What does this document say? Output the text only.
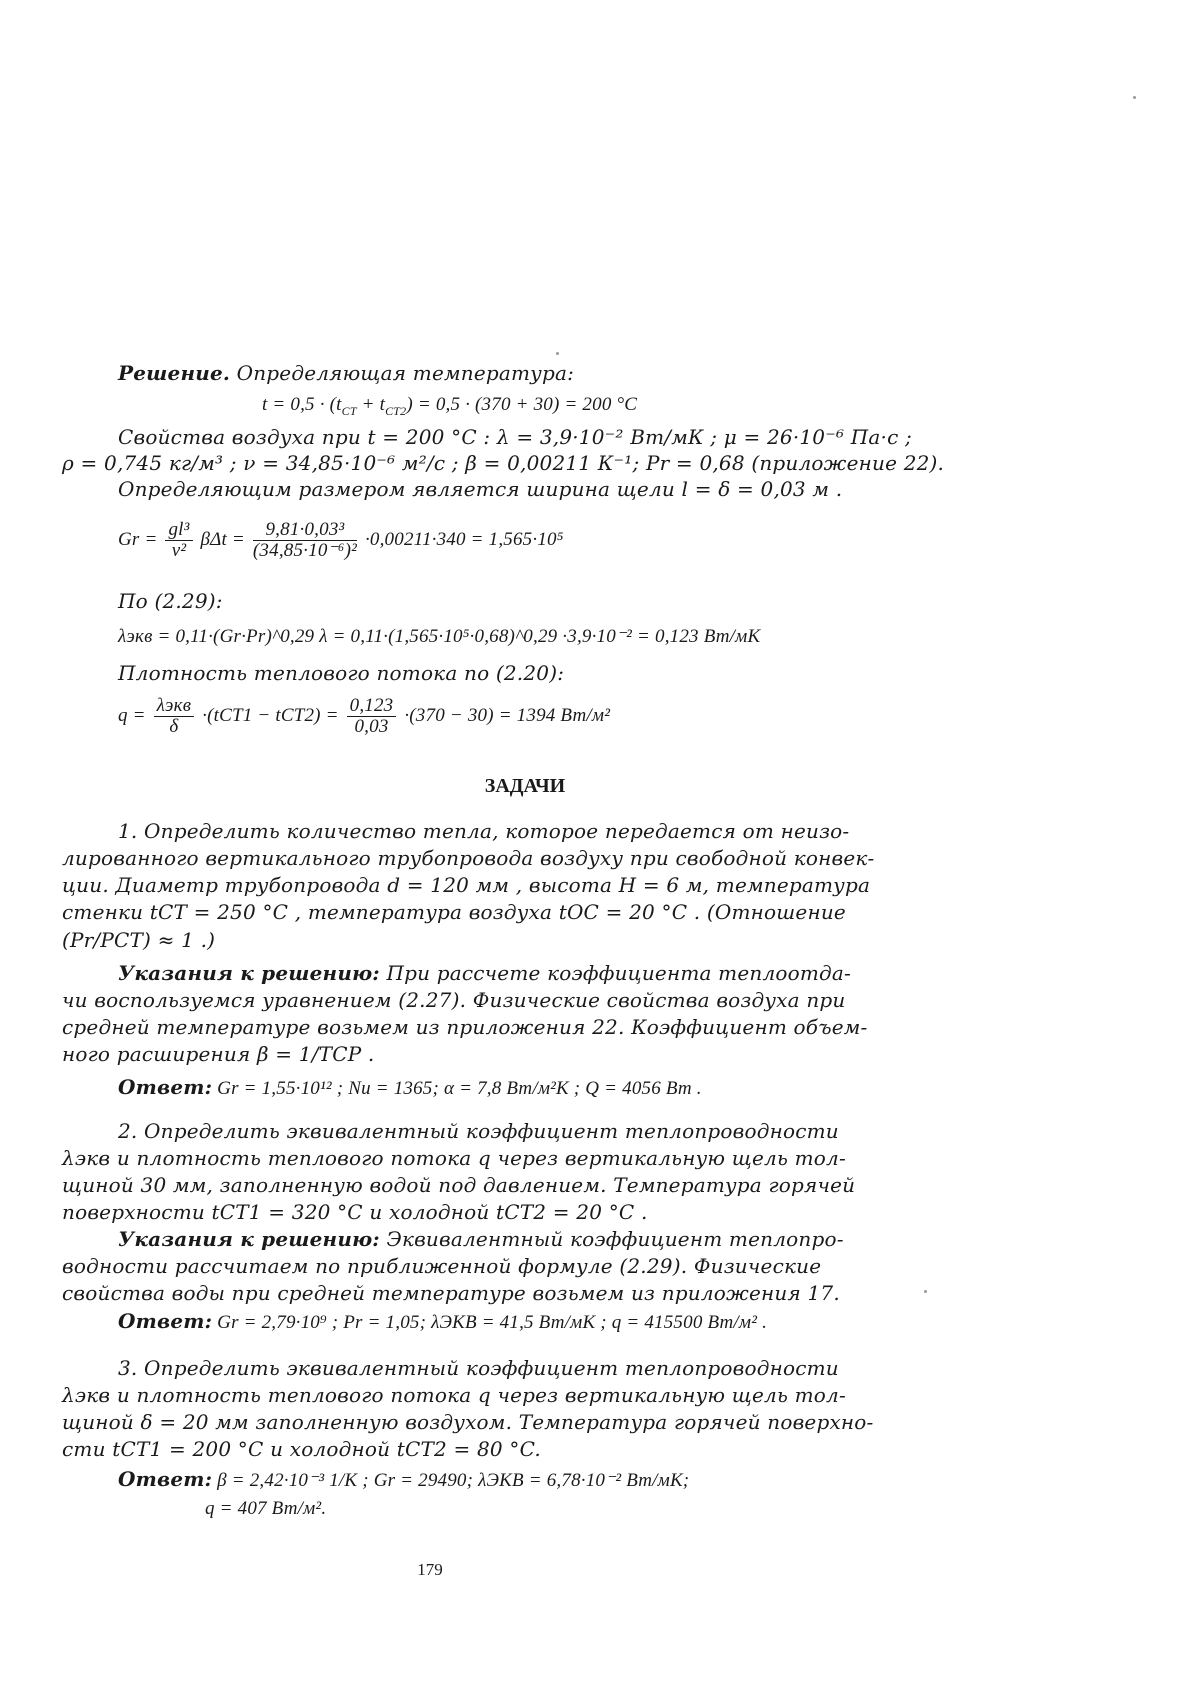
Решение. Определяющая температура:
$t = 0,5 \cdot (t_{CT} + t_{CT2}) = 0,5 \cdot (370 + 30) = 200$ °C
Свойства воздуха при t = 200 °C : λ = 3,9·10⁻² Вт/мК ; μ = 26·10⁻⁶ Па·с ;
ρ = 0,745 кг/м³ ; ν = 34,85·10⁻⁶ м²/с ; β = 0,00211 К⁻¹; Pr = 0,68 (приложение 22).
Определяющим размером является ширина щели l = δ = 0,03 м .
$Gr = \frac{\text{gl³}}{\text{ν²}}$ $\beta\Delta t = \frac{\text{9,81·0,03³}}{\text{(34,85·10⁻⁶)²}} \cdot 0,00211\cdot 340 = 1,565\cdot 10^5$
По (2.29):
λэкв = 0,11·(Gr·Pr)^0,29 λ = 0,11·(1,565·10⁵·0,68)^0,29 ·3,9·10⁻² = 0,123 Вт/мК
Плотность теплового потока по (2.20):
$q = \frac{\text{λэкв}}{\delta} \cdot(tCT1 - tCT2) = \frac{0,123}{0,03} \cdot(370 - 30) = 1394$ Вт/м²
ЗАДАЧИ
1. Определить количество тепла, которое передается от неизо-
лированного вертикального трубопровода воздуху при свободной конвек-
ции. Диаметр трубопровода d = 120 мм , высота H = 6 м, температура
стенки tCT = 250 °C , температура воздуха tOC = 20 °C . (Отношение
(Pr/PCT) ≈ 1 .)
Указания к решению: При рассчете коэффициента теплоотда-
чи воспользуемся уравнением (2.27). Физические свойства воздуха при
средней температуре возьмем из приложения 22. Коэффициент объем-
ного расширения β = 1/TCP .
Ответ: Gr = 1,55·10¹² ; Nu = 1365; α = 7,8 Вт/м²К ; Q = 4056 Вт .
2. Определить эквивалентный коэффициент теплопроводности
λэкв и плотность теплового потока q через вертикальную щель тол-
щиной 30 мм, заполненную водой под давлением. Температура горячей
поверхности tCT1 = 320 °C и холодной tCT2 = 20 °C .
Указания к решению: Эквивалентный коэффициент теплопро-
водности рассчитаем по приближенной формуле (2.29). Физические
свойства воды при средней температуре возьмем из приложения 17.
Ответ: Gr = 2,79·10⁹ ; Pr = 1,05; λЭКВ = 41,5 Вт/мК ; q = 415500 Вт/м² .
3. Определить эквивалентный коэффициент теплопроводности
λэкв и плотность теплового потока q через вертикальную щель тол-
щиной δ = 20 мм заполненную воздухом. Температура горячей поверхно-
сти tCT1 = 200 °C и холодной tCT2 = 80 °C.
Ответ: β = 2,42·10⁻³ 1/K ; Gr = 29490; λЭКВ = 6,78·10⁻² Вт/мК;
q = 407 Вт/м².
179
